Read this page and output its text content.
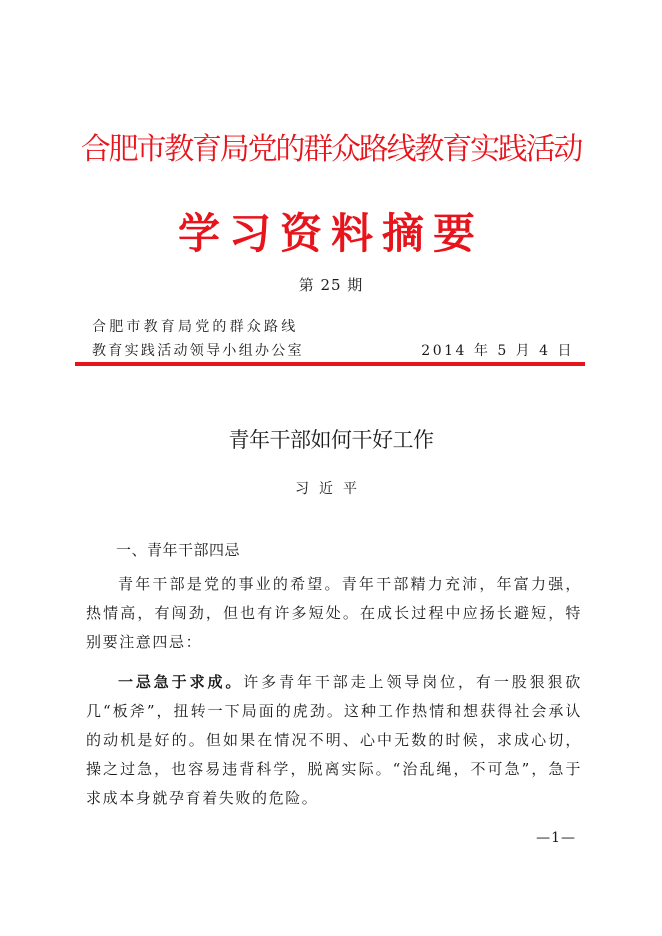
合肥市教育局党的群众路线教育实践活动
学习资料摘要
第 25 期
合肥市教育局党的群众路线
教育实践活动领导小组办公室	2014 年 5 月 4 日
青年干部如何干好工作
习近平
一、青年干部四忌
青年干部是党的事业的希望。青年干部精力充沛，年富力强，热情高，有闯劲，但也有许多短处。在成长过程中应扬长避短，特别要注意四忌：
一忌急于求成。许多青年干部走上领导岗位，有一股狠狠砍几“板斧”，扭转一下局面的虎劲。这种工作热情和想获得社会承认的动机是好的。但如果在情况不明、心中无数的时候，求成心切，操之过急，也容易违背科学，脱离实际。“治乱绳，不可急”，急于求成本身就孕育着失败的危险。
—1—
